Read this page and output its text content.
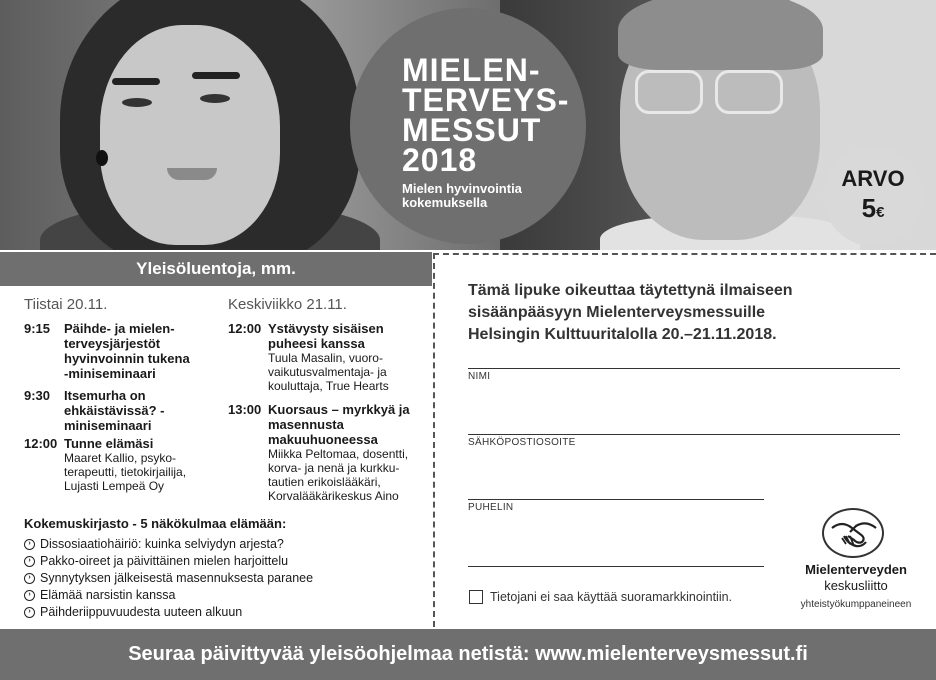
MIELEN-
TERVEYS-
MESSUT
2018
Mielen hyvinvointia kokemuksella
ARVO
5€
Yleisöluentoja, mm.
Tiistai 20.11.	Keskiviikko 21.11.
9:15	Päihde- ja mielen-terveysjärjestöt hyvinvoinnin tukena -miniseminaari
9:30	Itsemurha on ehkäistävissä? -miniseminaari
12:00 Tunne elämäsi
Maaret Kallio, psyko-terapeutti, tietokirjailija, Lujasti Lempeä Oy
12:00 Ystävysty sisäisen puheesi kanssa
Tuula Masalin, vuoro-vaikutusvalmentaja- ja kouluttaja, True Hearts
13:00 Kuorsaus – myrkkyä ja masennusta makuuhuoneessa
Miikka Peltomaa, dosentti, korva- ja nenä ja kurkku-tautien erikoislääkäri, Korvalääkärikeskus Aino
Kokemuskirjasto - 5 näkökulmaa elämään:
› Dissosiaatiohäiriö: kuinka selviydyn arjesta?
› Pakko-oireet ja päivittäinen mielen harjoittelu
› Synnytyksen jälkeisestä masennuksesta paranee
› Elämää narsistin kanssa
› Päihderiippuvuudesta uuteen alkuun
Tämä lipuke oikeuttaa täytettynä ilmaiseen
sisäänpääsyyn Mielenterveysmessuille
Helsingin Kulttuuritalolla 20.–21.11.2018.
NIMI
SÄHKÖPOSTIOSOITE
PUHELIN
Tietojani ei saa käyttää suoramarkkinointiin.
Mielenterveyden
keskusliitto
yhteistyökumppaneineen
Seuraa päivittyvää yleisöohjelmaa netistä: www.mielenterveysmessut.fi
